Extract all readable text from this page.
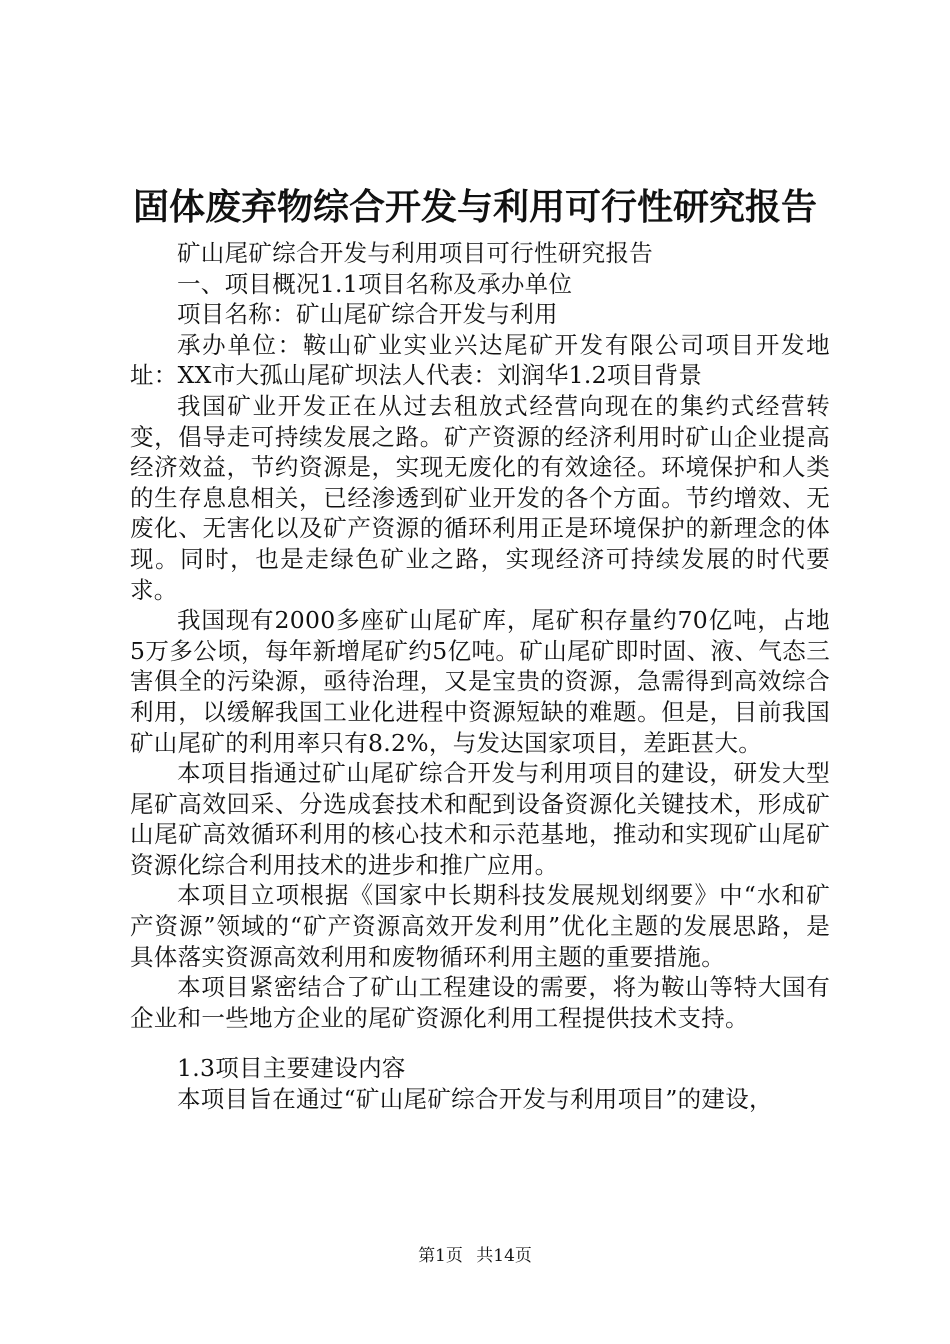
固体废弃物综合开发与利用可行性研究报告

矿山尾矿综合开发与利用项目可行性研究报告

一、项目概况1.1项目名称及承办单位

项目名称：矿山尾矿综合开发与利用

承办单位：鞍山矿业实业兴达尾矿开发有限公司项目开发地址：XX市大孤山尾矿坝法人代表：刘润华1.2项目背景

我国矿业开发正在从过去租放式经营向现在的集约式经营转变，倡导走可持续发展之路。矿产资源的经济利用时矿山企业提高经济效益，节约资源是，实现无废化的有效途径。环境保护和人类的生存息息相关，已经渗透到矿业开发的各个方面。节约增效、无废化、无害化以及矿产资源的循环利用正是环境保护的新理念的体现。同时，也是走绿色矿业之路，实现经济可持续发展的时代要求。

我国现有2000多座矿山尾矿库，尾矿积存量约70亿吨，占地5万多公顷，每年新增尾矿约5亿吨。矿山尾矿即时固、液、气态三害俱全的污染源，亟待治理，又是宝贵的资源，急需得到高效综合利用，以缓解我国工业化进程中资源短缺的难题。但是，目前我国矿山尾矿的利用率只有8.2%，与发达国家项目，差距甚大。

本项目指通过矿山尾矿综合开发与利用项目的建设，研发大型尾矿高效回采、分选成套技术和配到设备资源化关键技术，形成矿山尾矿高效循环利用的核心技术和示范基地，推动和实现矿山尾矿资源化综合利用技术的进步和推广应用。

本项目立项根据《国家中长期科技发展规划纲要》中“水和矿产资源”领域的“矿产资源高效开发利用”优化主题的发展思路，是具体落实资源高效利用和废物循环利用主题的重要措施。

本项目紧密结合了矿山工程建设的需要，将为鞍山等特大国有企业和一些地方企业的尾矿资源化利用工程提供技术支持。

1.3项目主要建设内容

本项目旨在通过“矿山尾矿综合开发与利用项目”的建设，

第1页 共14页
